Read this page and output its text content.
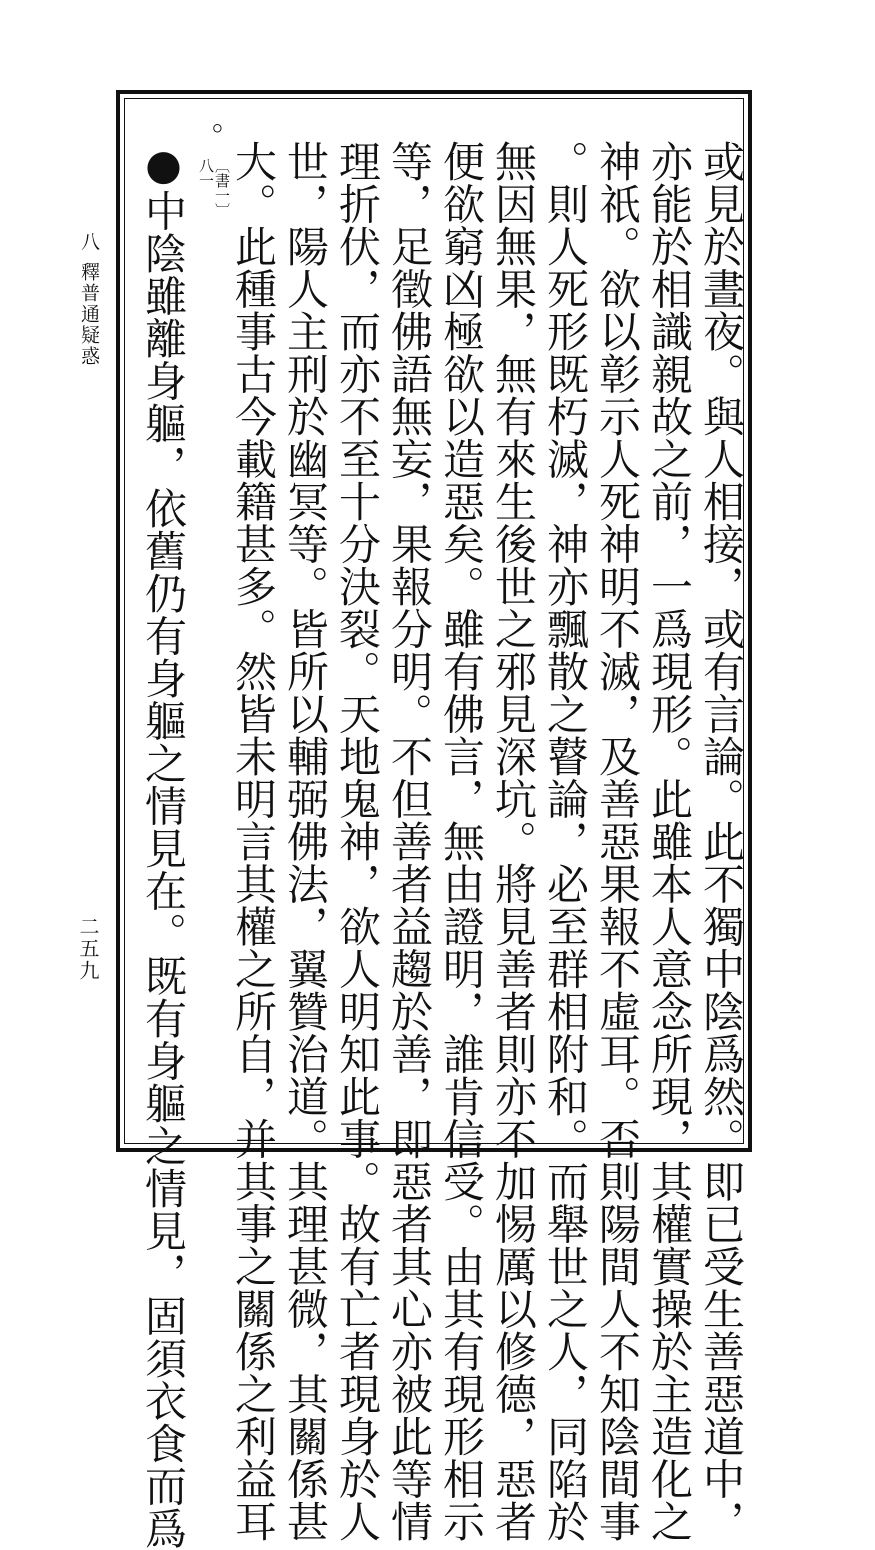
八
釋普通疑惑
二五九	或見於晝夜。與人相接，或有言論。此不獨中陰爲然。即已受生善惡道中，
亦能於相識親故之前，一爲現形。此雖本人意念所現，其權實操於主造化之
神祇。欲以彰示人死神明不滅，及善惡果報不虛耳。否則陽間人不知陰間事
。則人死形既朽滅，神亦飄散之瞽論，必至群相附和。而舉世之人，同陷於
無因無果，無有來生後世之邪見深坑。將見善者則亦不加惕厲以修德，惡者
便欲窮凶極欲以造惡矣。雖有佛言，無由證明，誰肯信受。由其有現形相示
等，足徵佛語無妄，果報分明。不但善者益趨於善，即惡者其心亦被此等情
理折伏，而亦不至十分決裂。天地鬼神，欲人明知此事。故有亡者現身於人
世，陽人主刑於幽冥等。皆所以輔弼佛法，翼贊治道。其理甚微，其關係甚
大。此種事古今載籍甚多。然皆未明言其權之所自，并其事之關係之利益耳
。
〔書一〕
八一
●中陰雖離身軀，依舊仍有身軀之情見在。既有身軀之情見，固須衣食而爲
